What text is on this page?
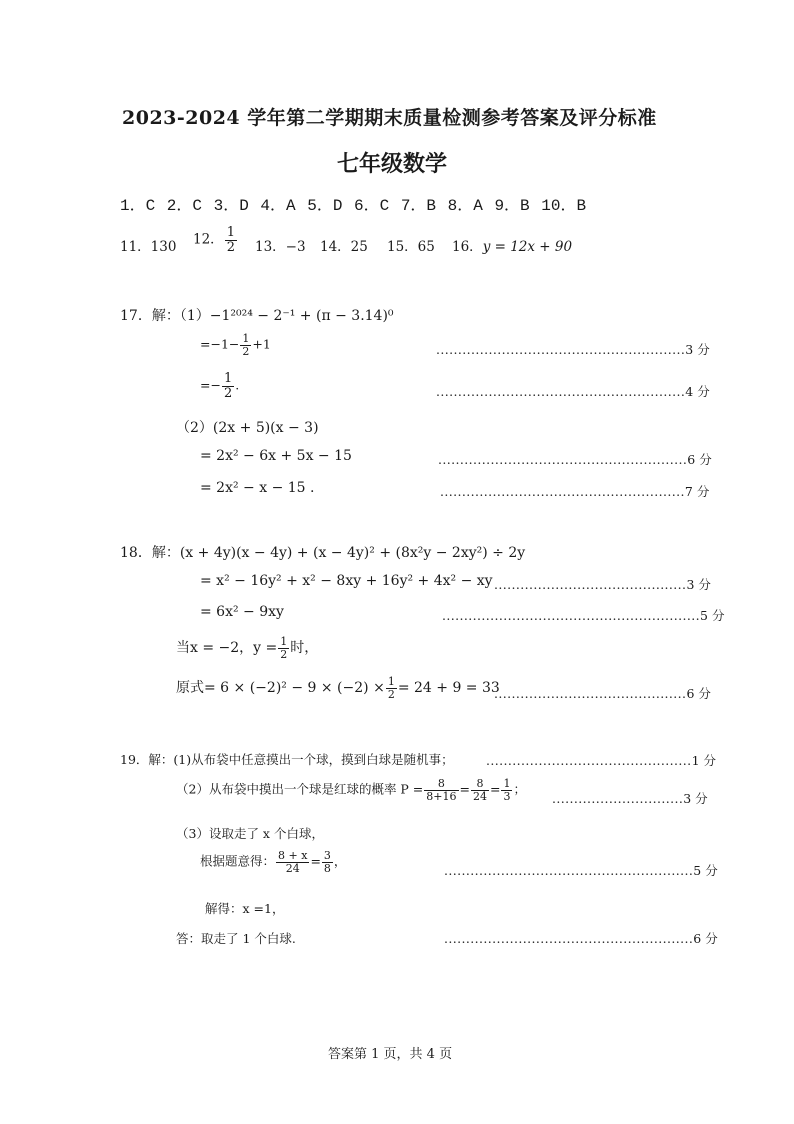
2023-2024 学年第二学期期末质量检测参考答案及评分标准
七年级数学
1．C 2．C 3．D 4．A 5．D 6．C 7．B 8．A 9．B 10．B
11．130 12． $\frac{1}{2} 13$．−3 14．25 15．65 16．y = 12x + 90
17．解：（1）−1²⁰²⁴ − 2⁻¹ + (π − 3.14)⁰
$=-1- \frac{1}{2} +1$	.........................................................3 分
=− $\frac{1}{2}$ .	.........................................................4 分
（2）(2x + 5)(x − 3)
= 2x² − 6x + 5x − 15	.........................................................6 分
= 2x² − x − 15 .	........................................................7 分
18．解：(x + 4y)(x − 4y) + (x − 4y)² + (8x²y − 2xy²) ÷ 2y
= x² − 16y² + x² − 8xy + 16y² + 4x² − xy ............................................3 分
= 6x² − 9xy	...........................................................5 分
当x = −2，$y = \frac{1}{2}$ 时，
原式= $6 \times (-2)^2 - 9 \times (-2) \times \frac{1}{2} = 24 + 9 = 33$
............................................6 分
19．解：(1)从布袋中任意摸出一个球，摸到白球是随机事；	...............................................1 分
（2）从布袋中摸出一个球是红球的概率 $P = \frac{8}{8+16} = \frac{8}{24} = \frac{1}{3}$ ；
..............................3 分
（3）设取走了 x 个白球，
根据题意得： $\frac{8 + x}{24} = \frac{3}{8}$ ，
.........................................................5 分
解得：x =1，
答：取走了 1 个白球.	.........................................................6 分
答案第 1 页，共 4 页
